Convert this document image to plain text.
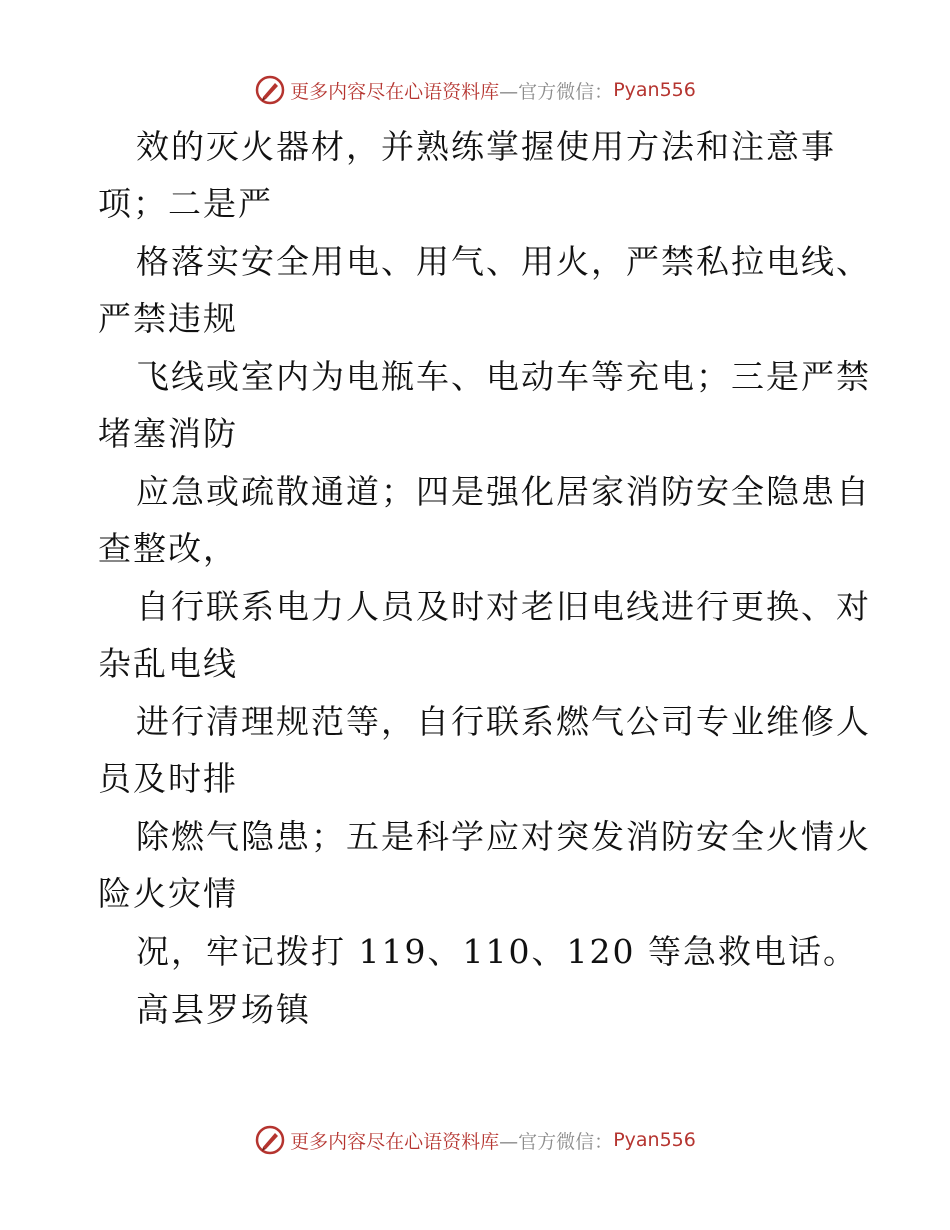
更多内容尽在心语资料库 —官方微信： Pyan556
效的灭火器材，并熟练掌握使用方法和注意事
项；二是严
格落实安全用电、用气、用火，严禁私拉电线、
严禁违规
飞线或室内为电瓶车、电动车等充电；三是严禁
堵塞消防
应急或疏散通道；四是强化居家消防安全隐患自
查整改，
自行联系电力人员及时对老旧电线进行更换、对
杂乱电线
进行清理规范等，自行联系燃气公司专业维修人
员及时排
除燃气隐患；五是科学应对突发消防安全火情火
险火灾情
况，牢记拨打 119、110、120 等急救电话。
高县罗场镇
更多内容尽在心语资料库 —官方微信： Pyan556
